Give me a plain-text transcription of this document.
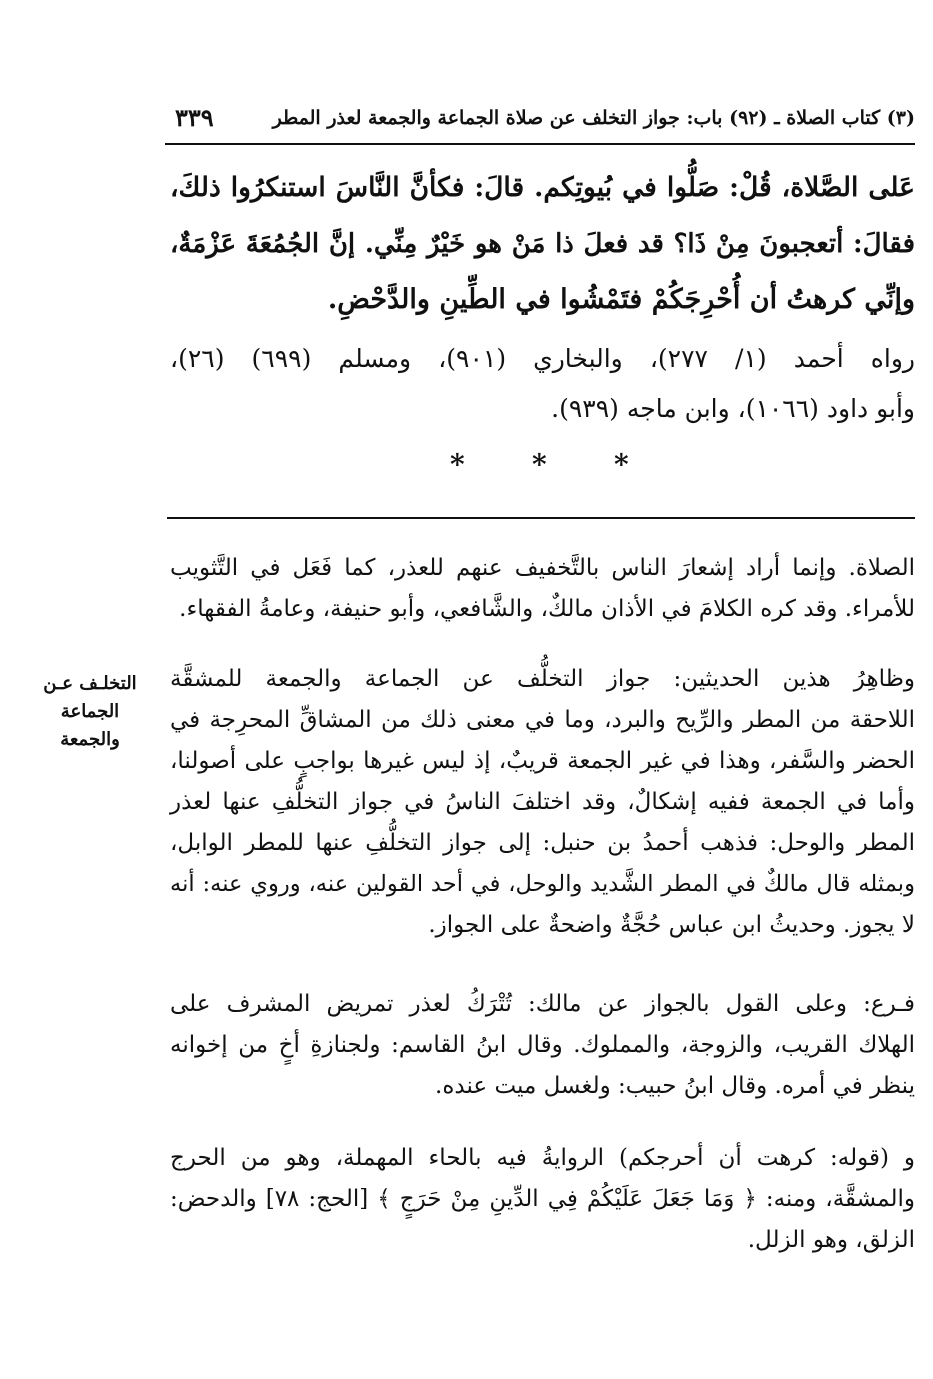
(٣) كتاب الصلاة ـ (٩٢) باب: جواز التخلف عن صلاة الجماعة والجمعة لعذر المطر
٣٣٩
عَلى الصَّلاة، قُلْ: صَلُّوا في بُيوتِكم. قالَ: فكأنَّ النَّاسَ استنكرُوا ذلكَ،
فقالَ: أتعجبونَ مِنْ ذَا؟ قد فعلَ ذا مَنْ هو خَيْرٌ مِنِّي. إنَّ الجُمُعَةَ عَزْمَةٌ،
وإنِّي كرهتُ أن أُحْرِجَكُمْ فتَمْشُوا في الطِّينِ والدَّحْضِ.
رواه أحمد (١/ ٢٧٧)، والبخاري (٩٠١)، ومسلم (٦٩٩) (٢٦)،
وأبو داود (١٠٦٦)، وابن ماجه (٩٣٩).
* * *
الصلاة. وإنما أراد إشعارَ الناس بالتَّخفيف عنهم للعذر، كما فَعَل في التَّثويب
للأمراء. وقد كره الكلامَ في الأذان مالكٌ، والشَّافعي، وأبو حنيفة، وعامةُ الفقهاء.
وظاهِرُ هذين الحديثين: جواز التخلُّف عن الجماعة والجمعة للمشقَّة
اللاحقة من المطر والرِّيح والبرد، وما في معنى ذلك من المشاقِّ المحرِجة في
الحضر والسَّفر، وهذا في غير الجمعة قريبٌ، إذ ليس غيرها بواجبٍ على أصولنا،
وأما في الجمعة ففيه إشكالٌ، وقد اختلفَ الناسُ في جواز التخلُّفِ عنها لعذر
المطر والوحل: فذهب أحمدُ بن حنبل: إلى جواز التخلُّفِ عنها للمطر الوابل،
وبمثله قال مالكٌ في المطر الشَّديد والوحل، في أحد القولين عنه، وروي عنه: أنه
لا يجوز. وحديثُ ابن عباس حُجَّةٌ واضحةٌ على الجواز.
التخلـف عـن
الجماعة
والجمعة
فـرع: وعلى القول بالجواز عن مالك: تُتْرَكُ لعذر تمريض المشرف على
الهلاك القريب، والزوجة، والمملوك. وقال ابنُ القاسم: ولجنازةِ أخٍ من إخوانه
ينظر في أمره. وقال ابنُ حبيب: ولغسل ميت عنده.
و (قوله: كرهت أن أحرجكم) الروايةُ فيه بالحاء المهملة، وهو من الحرج
والمشقَّة، ومنه: ﴿ وَمَا جَعَلَ عَلَيْكُمْ فِي الدِّينِ مِنْ حَرَجٍ ﴾ [الحج: ٧٨] والدحض:
الزلق، وهو الزلل.
